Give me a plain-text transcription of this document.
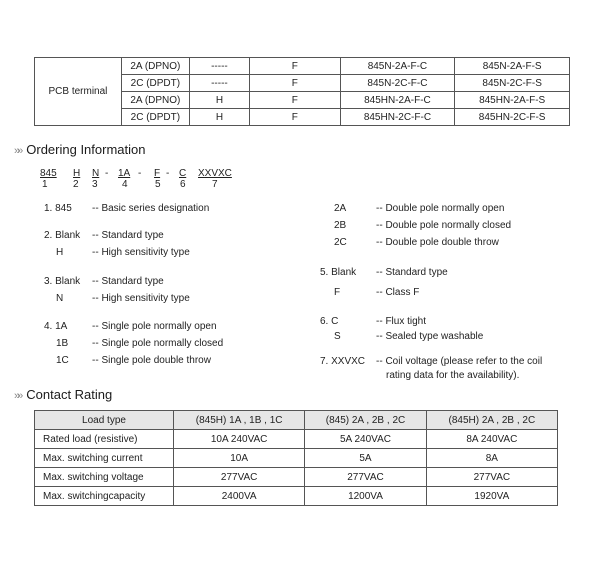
PCB terminal	2A (DPNO)	-----	F	845N-2A-F-C	845N-2A-F-S
	2C (DPDT)	-----	F	845N-2C-F-C	845N-2C-F-S
	2A (DPNO)	H	F	845HN-2A-F-C	845HN-2A-F-S
	2C (DPDT)	H	F	845HN-2C-F-C	845HN-2C-F-S
»» Ordering Information
845 H N - 1A - F - C XXVXC
1	2 3 4	5 6	7
1. 845 -- Basic series designation
2. Blank -- Standard type
H	-- High sensitivity type
3. Blank -- Standard type
N	-- High sensitivity type
4. 1A -- Single pole normally open
1B -- Single pole normally closed
1C -- Single pole double throw
2A	-- Double pole normally open
2B	-- Double pole normally closed
2C	-- Double pole double throw
5. Blank -- Standard type
F	-- Class F
6. C	-- Flux tight
S	-- Sealed type washable
7. XXVXC -- Coil voltage (please refer to the coil
rating data for the availability).
»» Contact Rating
Load type	(845H) 1A , 1B , 1C	(845) 2A , 2B , 2C	(845H) 2A , 2B , 2C
Rated load (resistive)	10A 240VAC	5A 240VAC	8A 240VAC
Max. switching current	10A	5A	8A
Max. switching voltage	277VAC	277VAC	277VAC
Max. switchingcapacity	2400VA	1200VA	1920VA
